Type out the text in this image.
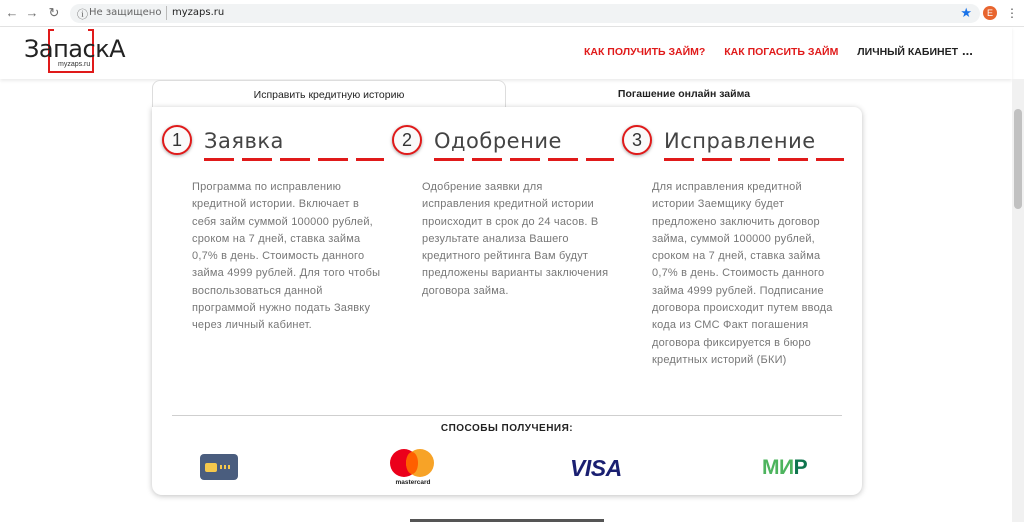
← → ↻ ⓘ Не защищено myzaps.ru	★	E	⋮
ЗапаскА
myzaps.ru
КАК ПОЛУЧИТЬ ЗАЙМ? КАК ПОГАСИТЬ ЗАЙМ ЛИЧНЫЙ КАБИНЕТ ...
Исправить кредитную историю	Погашение онлайн займа
1	Заявка
Программа по исправлению кредитной истории. Включает в себя займ суммой 100000 рублей, сроком на 7 дней, ставка займа 0,7% в день. Стоимость данного займа 4999 рублей. Для того чтобы воспользоваться данной программой нужно подать Заявку через личный кабинет.
2	Одобрение
Одобрение заявки для исправления кредитной истории происходит в срок до 24 часов. В результате анализа Вашего кредитного рейтинга Вам будут предложены варианты заключения договора займа.
3	Исправление
Для исправления кредитной истории Заемщику будет предложено заключить договор займа, суммой 100000 рублей, сроком на 7 дней, ставка займа 0,7% в день. Стоимость данного займа 4999 рублей. Подписание договора происходит путем ввода кода из СМС Факт погашения договора фиксируется в бюро кредитных историй (БКИ)
СПОСОБЫ ПОЛУЧЕНИЯ:
mastercard
VISA	МИР
